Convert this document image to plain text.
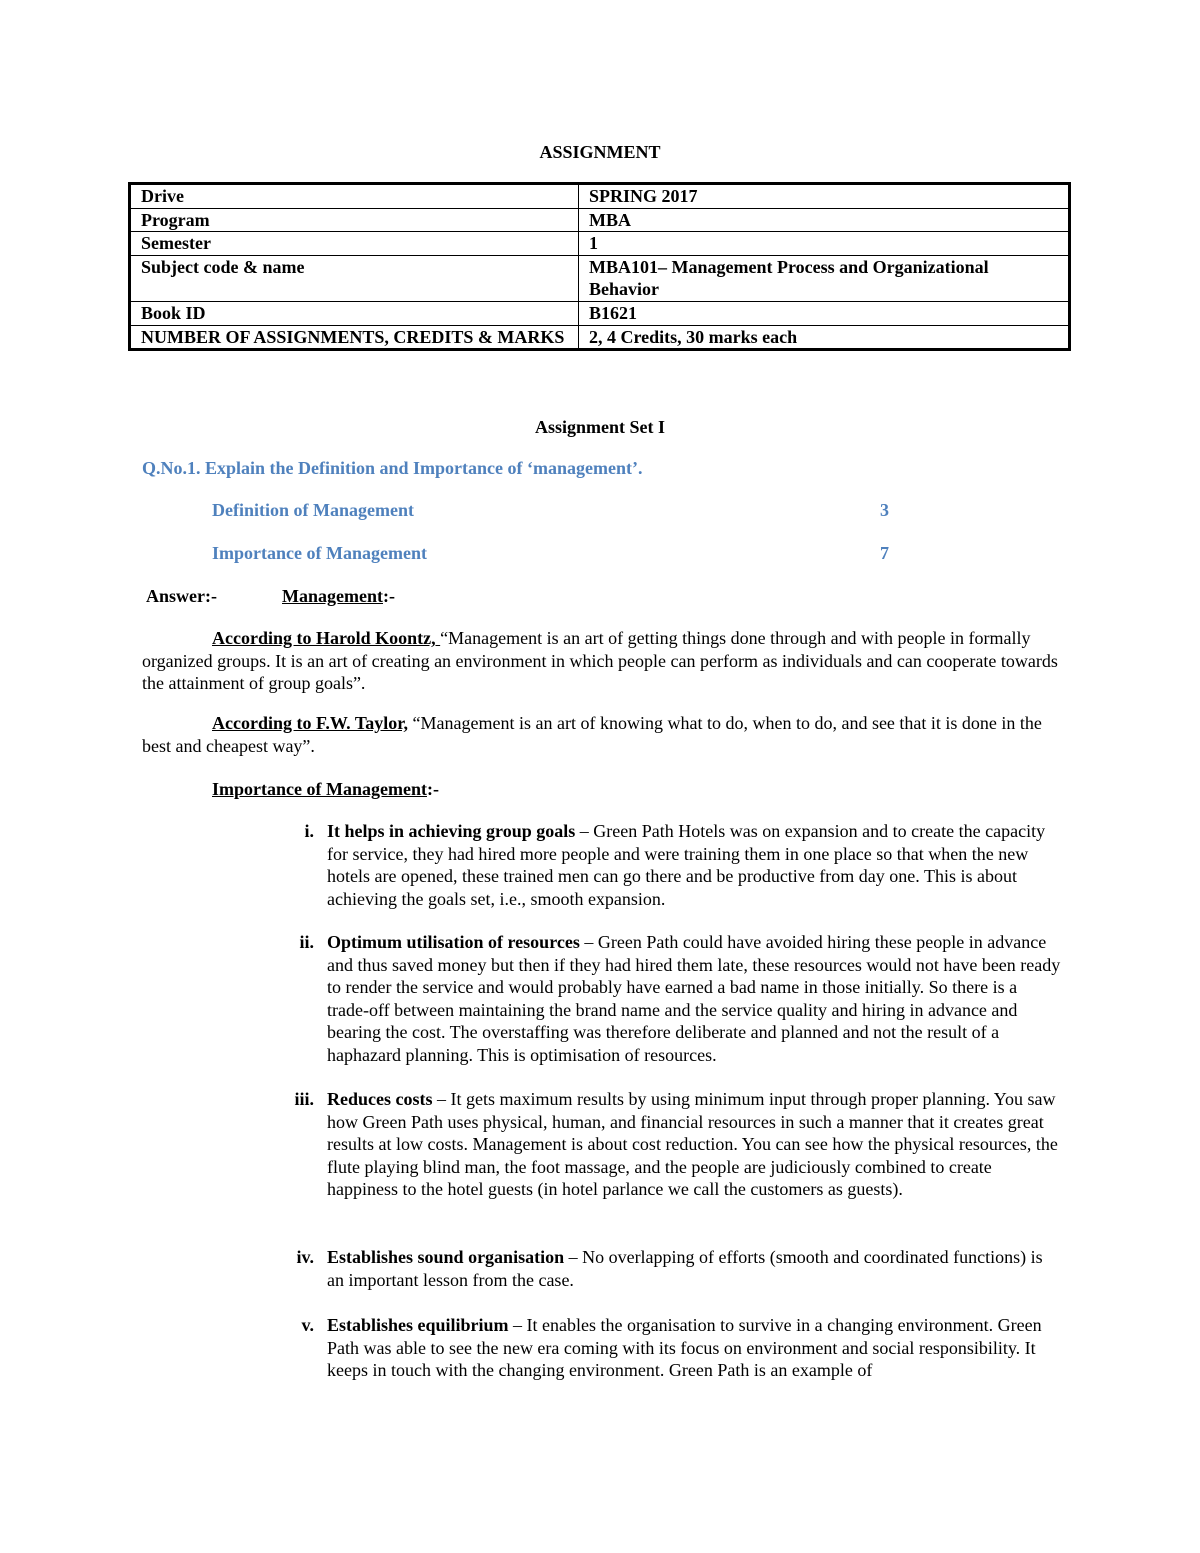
ASSIGNMENT
Drive	SPRING 2017
Program	MBA
Semester	1
Subject code & name	MBA101– Management Process and Organizational Behavior
Book ID	B1621
NUMBER OF ASSIGNMENTS, CREDITS & MARKS	2, 4 Credits, 30 marks each
Assignment Set I
Q.No.1. Explain the Definition and Importance of ‘management’.
Definition of Management	3
Importance of Management	7
Answer:-	Management:-
According to Harold Koontz, “Management is an art of getting things done through and with people in formally organized groups. It is an art of creating an environment in which people can perform as individuals and can cooperate towards the attainment of group goals”.
According to F.W. Taylor, “Management is an art of knowing what to do, when to do, and see that it is done in the best and cheapest way”.
Importance of Management:-
i. It helps in achieving group goals – Green Path Hotels was on expansion and to create the capacity for service, they had hired more people and were training them in one place so that when the new hotels are opened, these trained men can go there and be productive from day one. This is about achieving the goals set, i.e., smooth expansion.
ii. Optimum utilisation of resources – Green Path could have avoided hiring these people in advance and thus saved money but then if they had hired them late, these resources would not have been ready to render the service and would probably have earned a bad name in those initially. So there is a trade-off between maintaining the brand name and the service quality and hiring in advance and bearing the cost. The overstaffing was therefore deliberate and planned and not the result of a haphazard planning. This is optimisation of resources.
iii. Reduces costs – It gets maximum results by using minimum input through proper planning. You saw how Green Path uses physical, human, and financial resources in such a manner that it creates great results at low costs. Management is about cost reduction. You can see how the physical resources, the flute playing blind man, the foot massage, and the people are judiciously combined to create happiness to the hotel guests (in hotel parlance we call the customers as guests).
iv. Establishes sound organisation – No overlapping of efforts (smooth and coordinated functions) is an important lesson from the case.
v. Establishes equilibrium – It enables the organisation to survive in a changing environment. Green Path was able to see the new era coming with its focus on environment and social responsibility. It keeps in touch with the changing environment. Green Path is an example of
